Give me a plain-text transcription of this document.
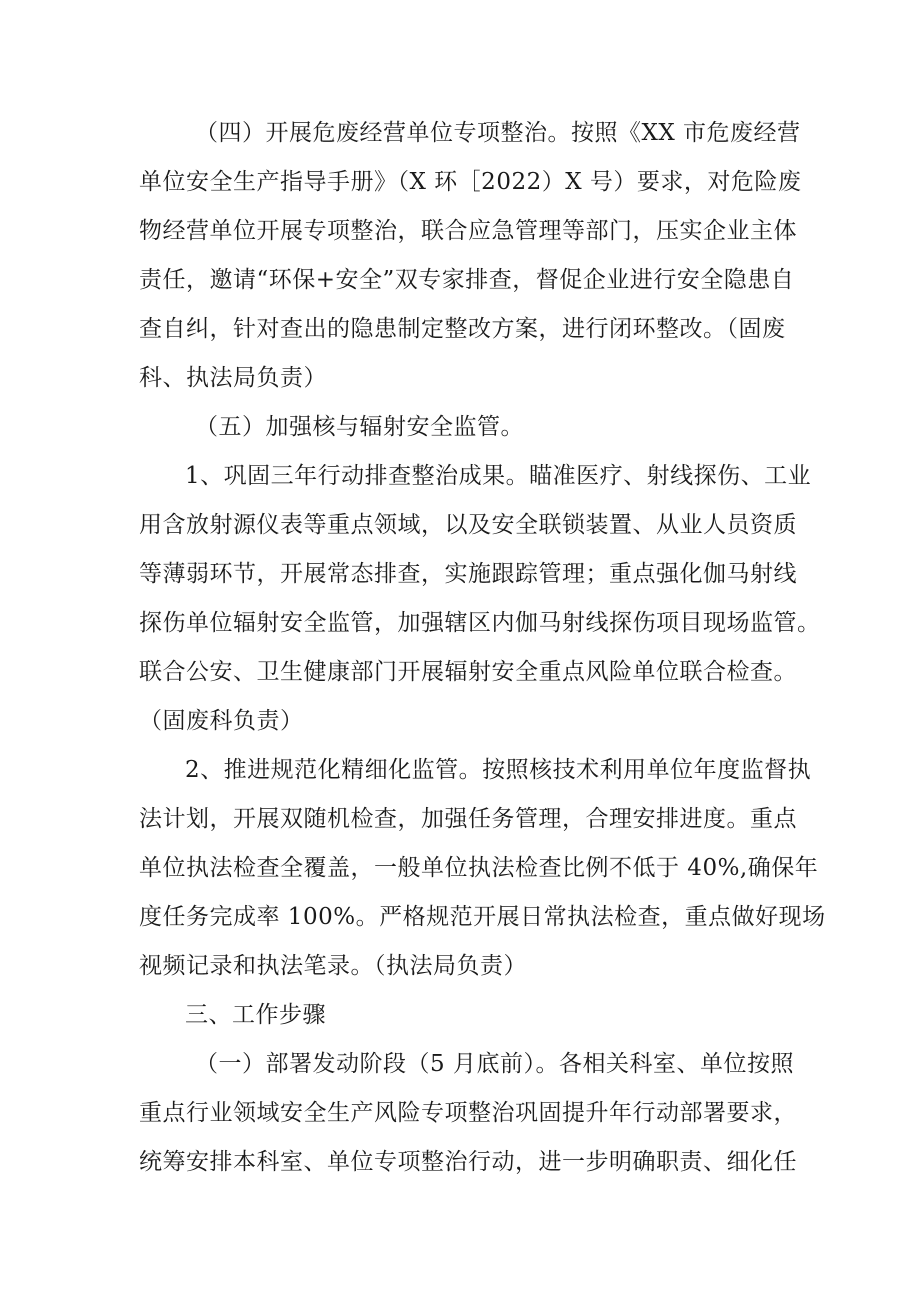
（四）开展危废经营单位专项整治。按照《XX 市危废经营

单位安全生产指导手册》（X 环［2022）X 号）要求，对危险废

物经营单位开展专项整治，联合应急管理等部门，压实企业主体

责任，邀请“环保+安全”双专家排查，督促企业进行安全隐患自

查自纠，针对查出的隐患制定整改方案，进行闭环整改。（固废

科、执法局负责）

（五）加强核与辐射安全监管。

1、巩固三年行动排查整治成果。瞄准医疗、射线探伤、工业

用含放射源仪表等重点领域，以及安全联锁装置、从业人员资质

等薄弱环节，开展常态排查，实施跟踪管理；重点强化伽马射线

探伤单位辐射安全监管，加强辖区内伽马射线探伤项目现场监管。

联合公安、卫生健康部门开展辐射安全重点风险单位联合检查。

（固废科负责）

2、推进规范化精细化监管。按照核技术利用单位年度监督执

法计划，开展双随机检查，加强任务管理，合理安排进度。重点

单位执法检查全覆盖，一般单位执法检查比例不低于 40%,确保年

度任务完成率 100%。严格规范开展日常执法检查，重点做好现场

视频记录和执法笔录。（执法局负责）

三、工作步骤

（一）部署发动阶段（5 月底前）。各相关科室、单位按照

重点行业领域安全生产风险专项整治巩固提升年行动部署要求，

统筹安排本科室、单位专项整治行动，进一步明确职责、细化任
